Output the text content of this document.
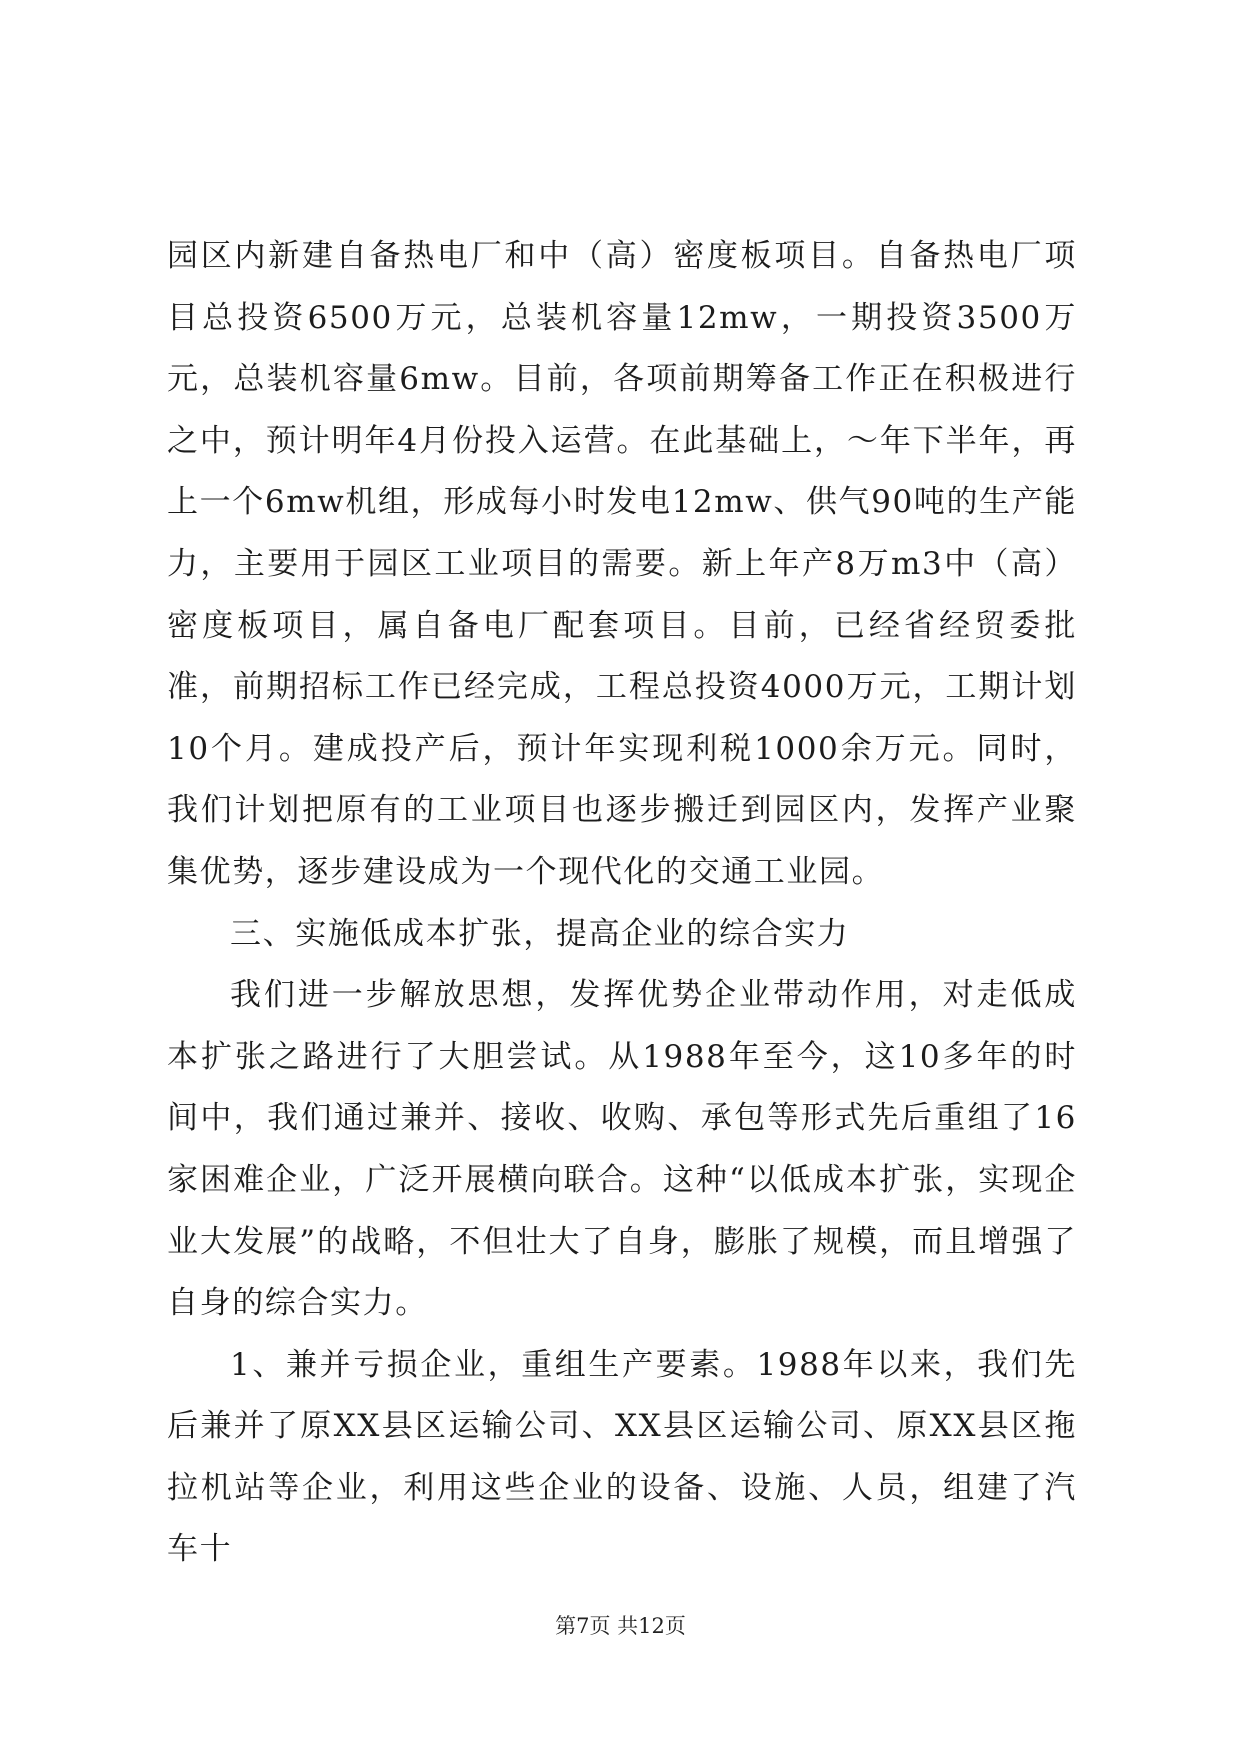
园区内新建自备热电厂和中（高）密度板项目。自备热电厂项目总投资6500万元，总装机容量12mw，一期投资3500万元，总装机容量6mw。目前，各项前期筹备工作正在积极进行之中，预计明年4月份投入运营。在此基础上，～年下半年，再上一个6mw机组，形成每小时发电12mw、供气90吨的生产能力，主要用于园区工业项目的需要。新上年产8万m3中（高）密度板项目，属自备电厂配套项目。目前，已经省经贸委批准，前期招标工作已经完成，工程总投资4000万元，工期计划10个月。建成投产后，预计年实现利税1000余万元。同时，我们计划把原有的工业项目也逐步搬迁到园区内，发挥产业聚集优势，逐步建设成为一个现代化的交通工业园。

三、实施低成本扩张，提高企业的综合实力

我们进一步解放思想，发挥优势企业带动作用，对走低成本扩张之路进行了大胆尝试。从1988年至今，这10多年的时间中，我们通过兼并、接收、收购、承包等形式先后重组了16家困难企业，广泛开展横向联合。这种“以低成本扩张，实现企业大发展”的战略，不但壮大了自身，膨胀了规模，而且增强了自身的综合实力。

1、兼并亏损企业，重组生产要素。1988年以来，我们先后兼并了原XX县区运输公司、XX县区运输公司、原XX县区拖拉机站等企业，利用这些企业的设备、设施、人员，组建了汽车十

第7页 共12页
